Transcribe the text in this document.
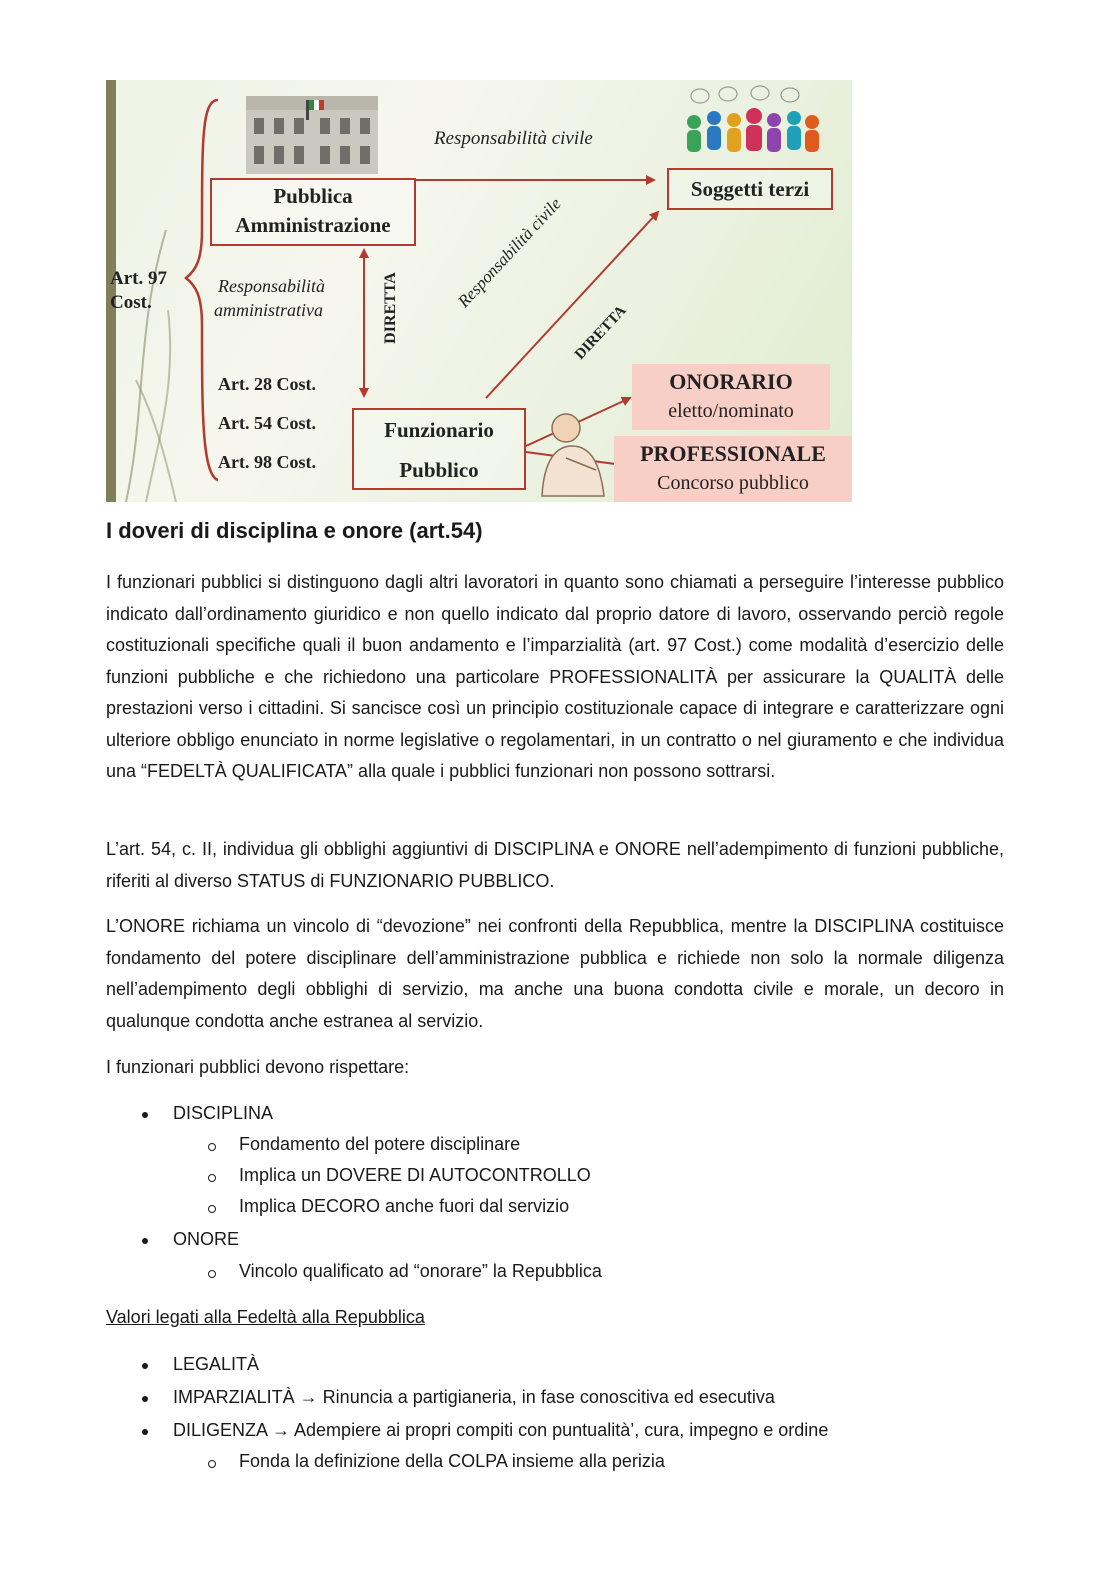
Art. 97
Cost.
Responsabilità civile
Pubblica
Amministrazione
Soggetti terzi
Responsabilità
amministrativa	DIRETTA	Responsabilità civile
DIRETTA
Art. 28 Cost.
Art. 54 Cost.
Art. 98 Cost.
Funzionario
Pubblico
ONORARIO
eletto/nominato
PROFESSIONALE
Concorso pubblico
I doveri di disciplina e onore (art.54)
I funzionari pubblici si distinguono dagli altri lavoratori in quanto sono chiamati a perseguire l’interesse pubblico indicato dall’ordinamento giuridico e non quello indicato dal proprio datore di lavoro, osservando perciò regole costituzionali specifiche quali il buon andamento e l’imparzialità (art. 97 Cost.) come modalità d’esercizio delle funzioni pubbliche e che richiedono una particolare PROFESSIONALITÀ per assicurare la QUALITÀ delle prestazioni verso i cittadini. Si sancisce così un principio costituzionale capace di integrare e caratterizzare ogni ulteriore obbligo enunciato in norme legislative o regolamentari, in un contratto o nel giuramento e che individua una “FEDELTÀ QUALIFICATA” alla quale i pubblici funzionari non possono sottrarsi.
L’art. 54, c. II, individua gli obblighi aggiuntivi di DISCIPLINA e ONORE nell’adempimento di funzioni pubbliche, riferiti al diverso STATUS di FUNZIONARIO PUBBLICO.
L’ONORE richiama un vincolo di “devozione” nei confronti della Repubblica, mentre la DISCIPLINA costituisce fondamento del potere disciplinare dell’amministrazione pubblica e richiede non solo la normale diligenza nell’adempimento degli obblighi di servizio, ma anche una buona condotta civile e morale, un decoro in qualunque condotta anche estranea al servizio.
I funzionari pubblici devono rispettare:
DISCIPLINA
Fondamento del potere disciplinare
Implica un DOVERE DI AUTOCONTROLLO
Implica DECORO anche fuori dal servizio
ONORE
Vincolo qualificato ad “onorare” la Repubblica
Valori legati alla Fedeltà alla Repubblica
LEGALITÀ
IMPARZIALITÀ → Rinuncia a partigianeria, in fase conoscitiva ed esecutiva
DILIGENZA → Adempiere ai propri compiti con puntualità’, cura, impegno e ordine
Fonda la definizione della COLPA insieme alla perizia
